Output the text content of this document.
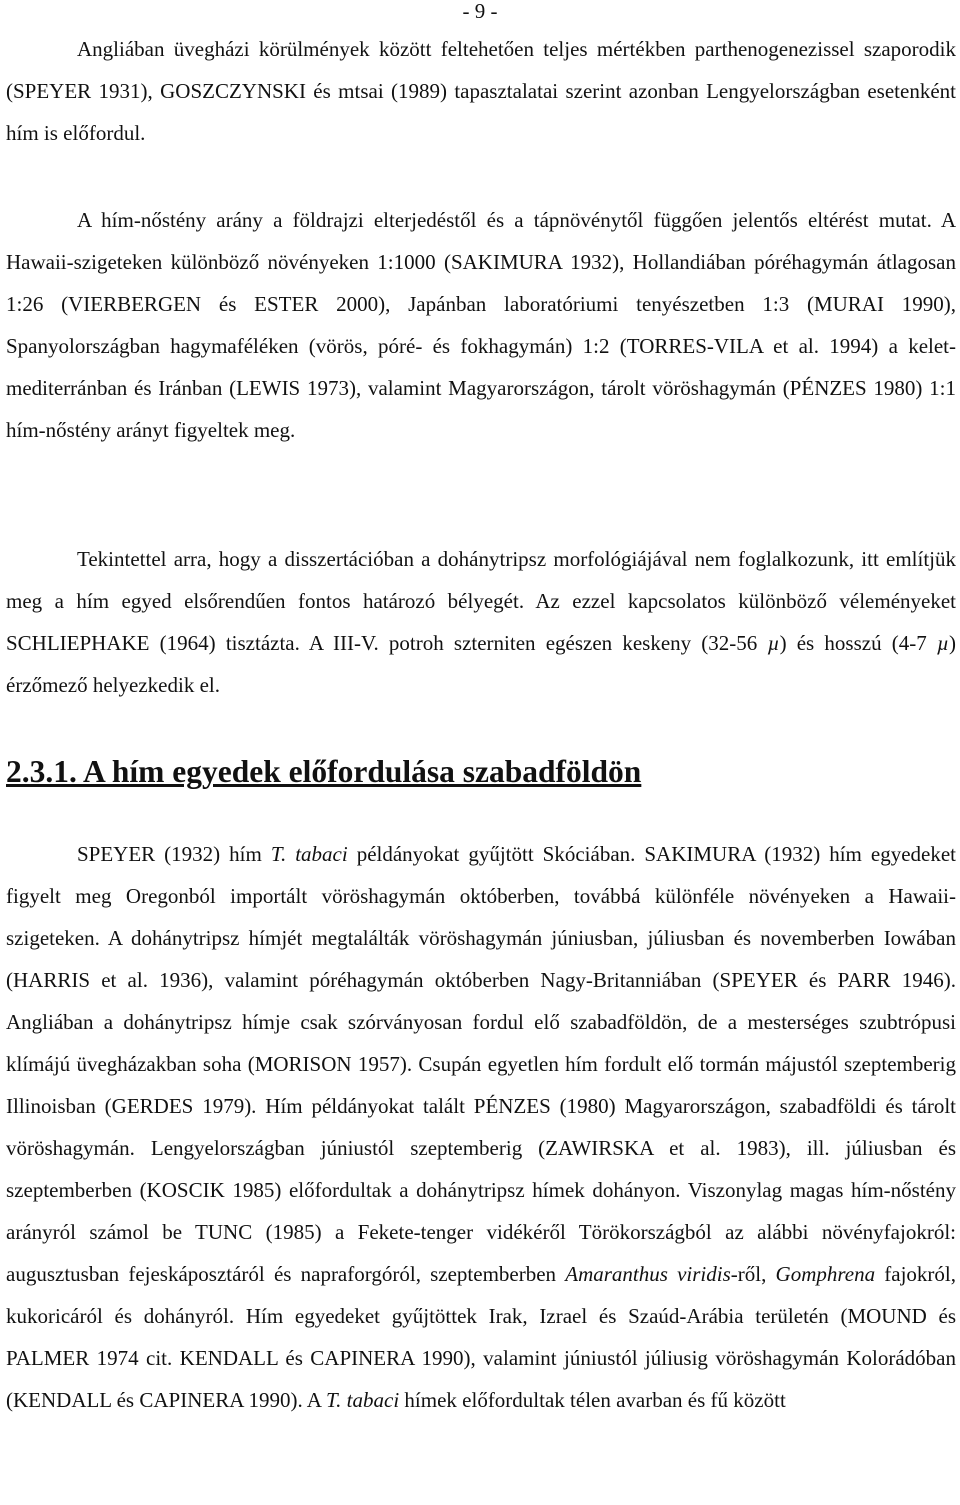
- 9 -

Angliában üvegházi körülmények között feltehetően teljes mértékben parthenogenezissel szaporodik (SPEYER 1931), GOSZCZYNSKI és mtsai (1989) tapasztalatai szerint azonban Lengyelországban esetenként hím is előfordul.

A hím-nőstény arány a földrajzi elterjedéstől és a tápnövénytől függően jelentős eltérést mutat. A Hawaii-szigeteken különböző növényeken 1:1000 (SAKIMURA 1932), Hollandiában póréhagymán átlagosan 1:26 (VIERBERGEN és ESTER 2000), Japánban laboratóriumi tenyészetben 1:3 (MURAI 1990), Spanyolországban hagymaféléken (vörös, póré- és fokhagymán) 1:2 (TORRES-VILA et al. 1994) a kelet-mediterránban és Iránban (LEWIS 1973), valamint Magyarországon, tárolt vöröshagymán (PÉNZES 1980) 1:1 hím-nőstény arányt figyeltek meg.

Tekintettel arra, hogy a disszertációban a dohánytripsz morfológiájával nem foglalkozunk, itt említjük meg a hím egyed elsőrendűen fontos határozó bélyegét. Az ezzel kapcsolatos különböző véleményeket SCHLIEPHAKE (1964) tisztázta. A III-V. potroh szterniten egészen keskeny (32-56 µ) és hosszú (4-7 µ) érzőmező helyezkedik el.

2.3.1. A hím egyedek előfordulása szabadföldön

SPEYER (1932) hím T. tabaci példányokat gyűjtött Skóciában. SAKIMURA (1932) hím egyedeket figyelt meg Oregonból importált vöröshagymán októberben, továbbá különféle növényeken a Hawaii-szigeteken. A dohánytripsz hímjét megtalálták vöröshagymán júniusban, júliusban és novemberben Iowában (HARRIS et al. 1936), valamint póréhagymán októberben Nagy-Britanniában (SPEYER és PARR 1946). Angliában a dohánytripsz hímje csak szórványosan fordul elő szabadföldön, de a mesterséges szubtrópusi klímájú üvegházakban soha (MORISON 1957). Csupán egyetlen hím fordult elő tormán májustól szeptemberig Illinoisban (GERDES 1979). Hím példányokat talált PÉNZES (1980) Magyarországon, szabadföldi és tárolt vöröshagymán. Lengyelországban júniustól szeptemberig (ZAWIRSKA et al. 1983), ill. júliusban és szeptemberben (KOSCIK 1985) előfordultak a dohánytripsz hímek dohányon. Viszonylag magas hím-nőstény arányról számol be TUNC (1985) a Fekete-tenger vidékéről Törökországból az alábbi növényfajokról: augusztusban fejeskáposztáról és napraforgóról, szeptemberben Amaranthus viridis-ről, Gomphrena fajokról, kukoricáról és dohányról. Hím egyedeket gyűjtöttek Irak, Izrael és Szaúd-Arábia területén (MOUND és PALMER 1974 cit. KENDALL és CAPINERA 1990), valamint júniustól júliusig vöröshagymán Kolorádóban (KENDALL és CAPINERA 1990). A T. tabaci hímek előfordultak télen avarban és fű között
